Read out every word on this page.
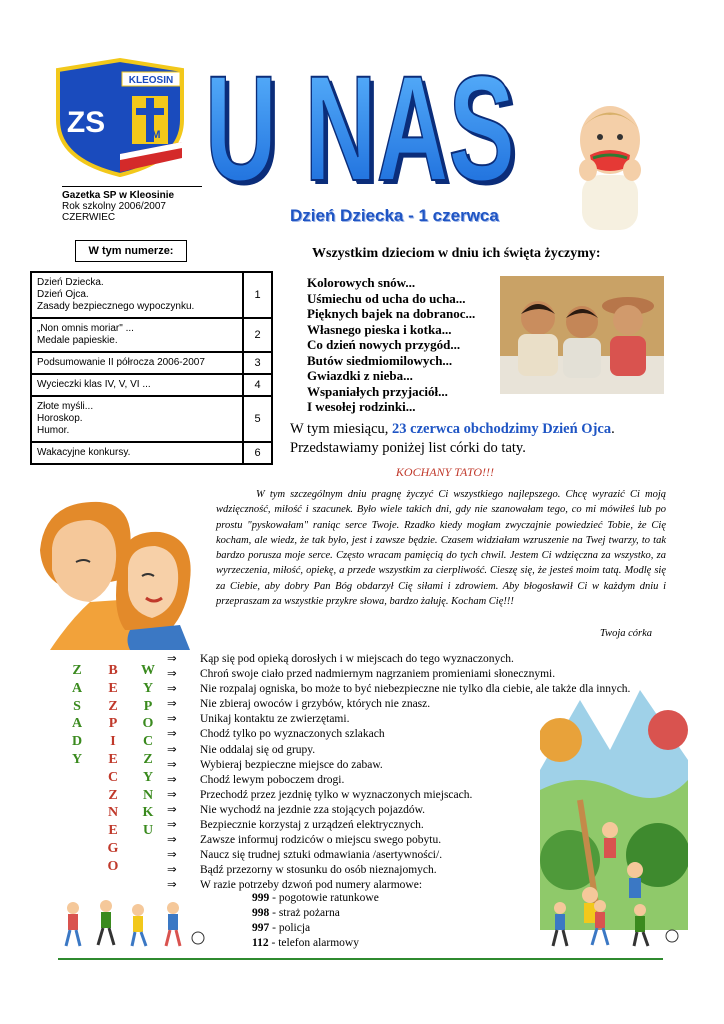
KLEOSIN
ZS	M U NAS
U NAS
Gazetka SP w Kleosinie
Rok szkolny 2006/2007
CZERWIEC	Dzień Dziecka - 1 czerwca
W tym numerze:
Dzień Dziecka.
Dzień Ojca.
Zasady bezpiecznego wypoczynku.
1
„Non omnis moriar" ...
Medale papieskie.	2
Podsumowanie II półrocza 2006-2007	3
Wycieczki klas IV, V, VI ...	4
Złote myśli...
Horoskop.
Humor.
5
Wakacyjne konkursy.	6
Wszystkim dzieciom w dniu ich święta życzymy:
Kolorowych snów...
Uśmiechu od ucha do ucha...
Pięknych bajek na dobranoc...
Własnego pieska i kotka...
Co dzień nowych przygód...
Butów siedmiomilowych...
Gwiazdki z nieba...
Wspaniałych przyjaciół...
I wesołej rodzinki...
W tym miesiącu, 23 czerwca obchodzimy Dzień Ojca.
Przedstawiamy poniżej list córki do taty.
KOCHANY TATO!!!
W tym szczególnym dniu pragnę życzyć Ci wszystkiego najlepszego. Chcę wyrazić Ci moją wdzięczność, miłość i szacunek. Było wiele takich dni, gdy nie szanowałam tego, co mi mówiłeś lub po prostu "pyskowałam" raniąc serce Twoje. Rzadko kiedy mogłam zwyczajnie powiedzieć Tobie, że Cię kocham, ale wiedz, że tak było, jest i zawsze będzie. Czasem widziałam wzruszenie na Twej twarzy, to tak bardzo porusza moje serce. Często wracam pamięcią do tych chwil. Jestem Ci wdzięczna za wszystko, za wyrzeczenia, miłość, opiekę, a przede wszystkim za cierpliwość. Cieszę się, że jesteś moim tatą. Modlę się za Ciebie, aby dobry Pan Bóg obdarzył Cię siłami i zdrowiem. Aby błogosławił Ci w każdym dniu i przepraszam za wszystkie przykre słowa, bardzo żałuję. Kocham Cię!!!
Twoja córka
Z
A
S
A
D
Y
B
E
Z
P
I
E
C
Z
N
E
G
O
W
Y
P
O
C
Z
Y
N
K
U
⇒	Kąp się pod opieką dorosłych i w miejscach do tego wyznaczonych.
⇒	Chroń swoje ciało przed nadmiernym nagrzaniem promieniami słonecznymi.
⇒	Nie rozpalaj ogniska, bo może to być niebezpieczne nie tylko dla ciebie, ale także dla innych.
⇒	Nie zbieraj owoców i grzybów, których nie znasz.
⇒	Unikaj kontaktu ze zwierzętami.
⇒	Chodź tylko po wyznaczonych szlakach
⇒	Nie oddalaj się od grupy.
⇒	Wybieraj bezpieczne miejsce do zabaw.
⇒	Chodź lewym poboczem drogi.
⇒	Przechodź przez jezdnię tylko w wyznaczonych miejscach.
⇒	Nie wychodź na jezdnie zza stojących pojazdów.
⇒	Bezpiecznie korzystaj z urządzeń elektrycznych.
⇒	Zawsze informuj rodziców o miejscu swego pobytu.
⇒	Naucz się trudnej sztuki odmawiania /asertywności/.
⇒	Bądź przezorny w stosunku do osób nieznajomych.
⇒	W razie potrzeby dzwoń pod numery alarmowe:
999 - pogotowie ratunkowe
998 - straż pożarna
997 - policja
112 - telefon alarmowy
